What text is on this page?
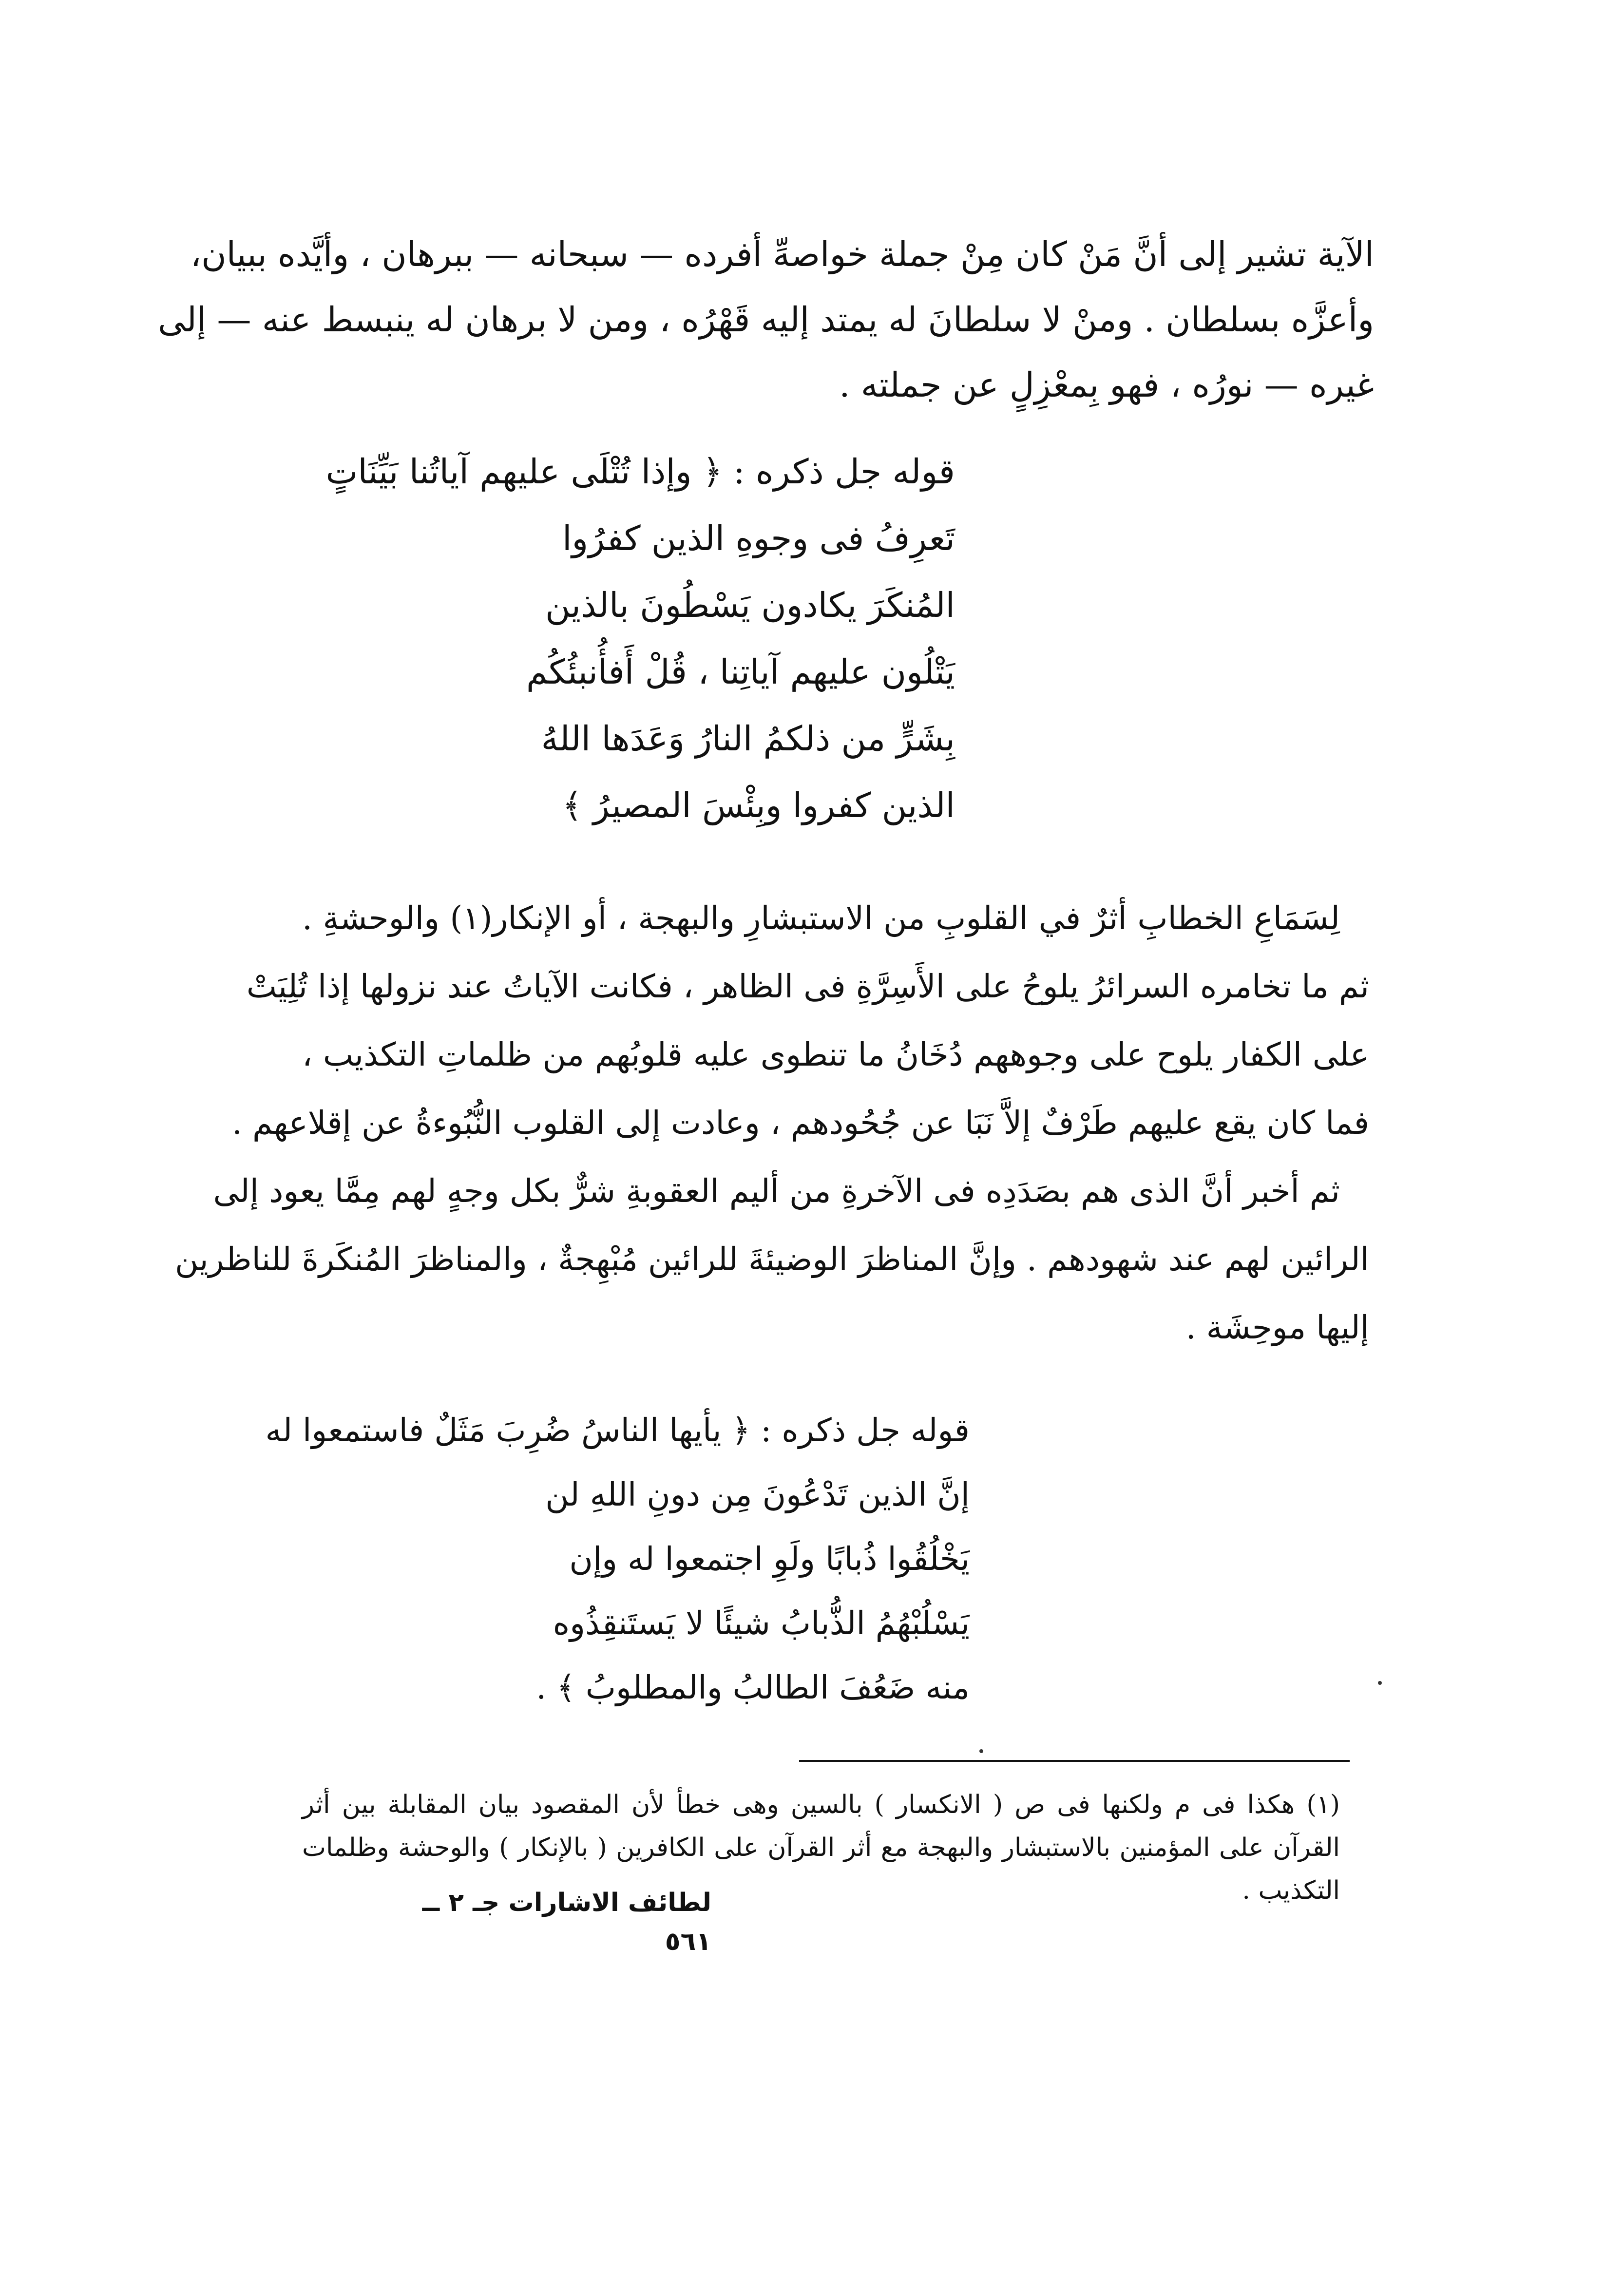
الآية تشير إلى أنَّ مَنْ كان مِنْ جملة خواصهِّ أفرده — سبحانه — ببرهان ، وأيَّده ببيان،
وأعزَّه بسلطان . ومنْ لا سلطانَ له يمتد إليه قَهْرُه ، ومن لا برهان له ينبسط عنه — إلى
غيره — نورُه ، فهو بِمعْزِلٍ عن جملته .
قوله جل ذكره : ﴿ وإذا تُتْلَى عليهم آياتُنا بَيِّنَاتٍ
تَعرِفُ فى وجوهِ الذين كفرُوا
المُنكَرَ يكادون يَسْطُونَ بالذين
يَتْلُون عليهم آياتِنا ، قُلْ أَفأُنبئُكُم
بِشَرٍّ من ذلكمُ النارُ وَعَدَها اللهُ
الذين كفروا وبِئْسَ المصيرُ ﴾
لِسَمَاعِ الخطابِ أثرٌ في القلوبِ من الاستبشارِ والبهجة ، أو الإنكار(١) والوحشةِ .
ثم ما تخامره السرائرُ يلوحُ على الأَسِرَّةِ فى الظاهر ، فكانت الآياتُ عند نزولها إذا تُلِيَتْ
على الكفار يلوح على وجوههم دُخَانُ ما تنطوى عليه قلوبُهم من ظلماتِ التكذيب ،
فما كان يقع عليهم طَرْفٌ إلاَّ نَبَا عن جُحُودهم ، وعادت إلى القلوب النُّبُوءةُ عن إقلاعهم .
ثم أخبر أنَّ الذى هم بصَدَدِه فى الآخرةِ من أليم العقوبةِ شرٌّ بكل وجهٍ لهم مِمَّا يعود إلى
الرائين لهم عند شهودهم . وإنَّ المناظرَ الوضيئةَ للرائين مُبْهِجةٌ ، والمناظرَ المُنكَرةَ للناظرين
إليها موحِشَة .
قوله جل ذكره : ﴿ يأيها الناسُ ضُرِبَ مَثَلٌ فاستمعوا له
إنَّ الذين تَدْعُونَ مِن دونِ اللهِ لن
يَخْلُقُوا ذُبابًا ولَوِ اجتمعوا له وإن
يَسْلُبْهُمُ الذُّبابُ شيئًا لا يَستَنقِذُوه
منه ضَعُفَ الطالبُ والمطلوبُ ﴾ .
(١) هكذا فى م ولكنها فى ص ( الانكسار ) بالسين وهى خطأ لأن المقصود بيان المقابلة بين أثر
القرآن على المؤمنين بالاستبشار والبهجة مع أثر القرآن على الكافرين ( بالإنكار ) والوحشة وظلمات
التكذيب .
لطائف الاشارات جـ ٢ ــ ٥٦١
